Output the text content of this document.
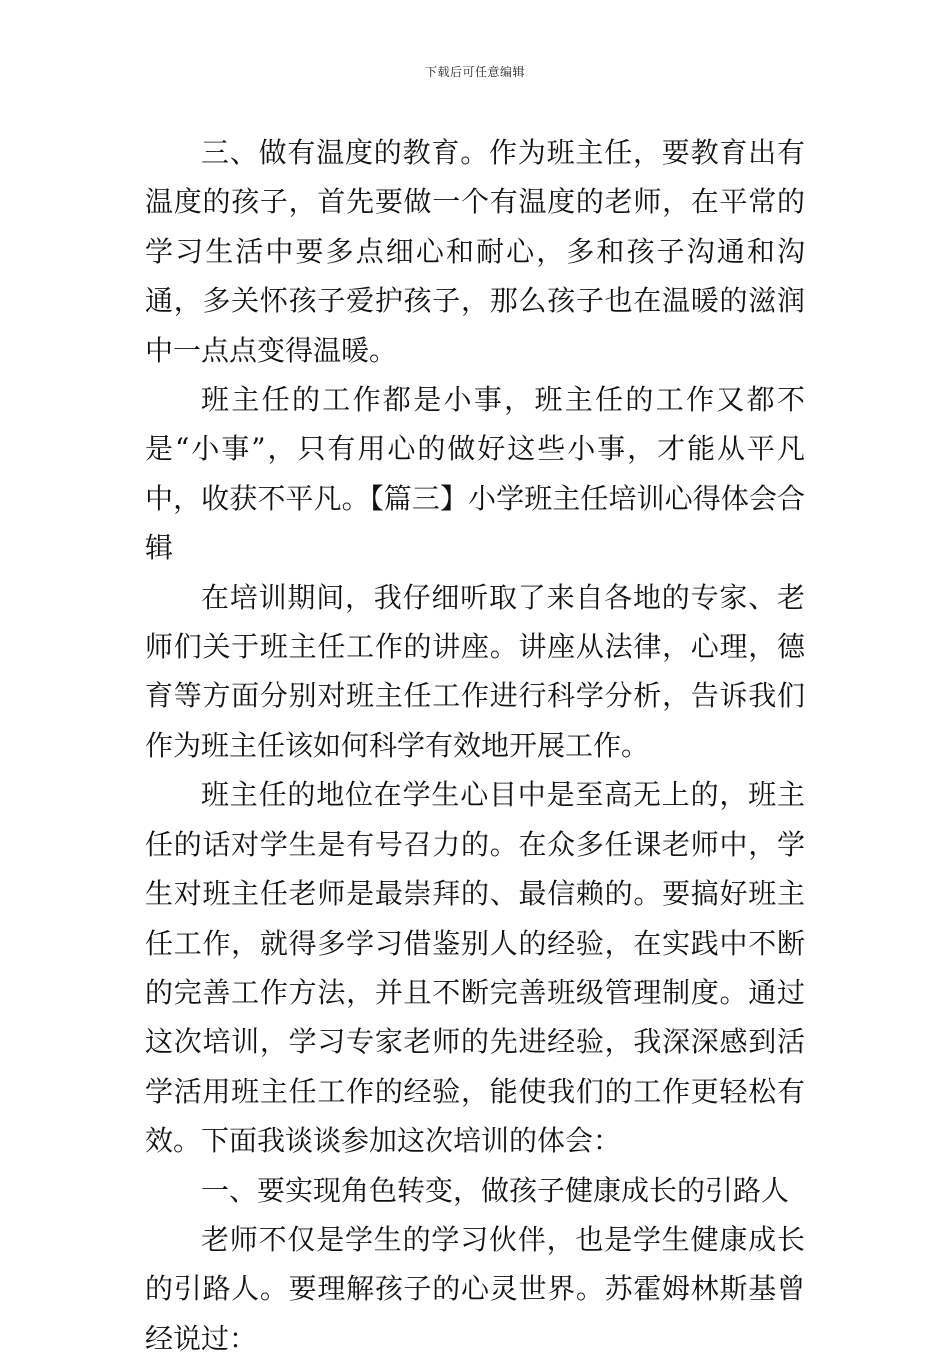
下载后可任意编辑

三、做有温度的教育。作为班主任，要教育出有温度的孩子，首先要做一个有温度的老师，在平常的学习生活中要多点细心和耐心，多和孩子沟通和沟通，多关怀孩子爱护孩子，那么孩子也在温暖的滋润中一点点变得温暖。

班主任的工作都是小事，班主任的工作又都不是“小事”，只有用心的做好这些小事，才能从平凡中，收获不平凡。【篇三】小学班主任培训心得体会合辑

在培训期间，我仔细听取了来自各地的专家、老师们关于班主任工作的讲座。讲座从法律，心理，德育等方面分别对班主任工作进行科学分析，告诉我们作为班主任该如何科学有效地开展工作。

班主任的地位在学生心目中是至高无上的，班主任的话对学生是有号召力的。在众多任课老师中，学生对班主任老师是最崇拜的、最信赖的。要搞好班主任工作，就得多学习借鉴别人的经验，在实践中不断的完善工作方法，并且不断完善班级管理制度。通过这次培训，学习专家老师的先进经验，我深深感到活学活用班主任工作的经验，能使我们的工作更轻松有效。下面我谈谈参加这次培训的体会：

一、要实现角色转变，做孩子健康成长的引路人

老师不仅是学生的学习伙伴，也是学生健康成长的引路人。要理解孩子的心灵世界。苏霍姆林斯基曾经说过：
